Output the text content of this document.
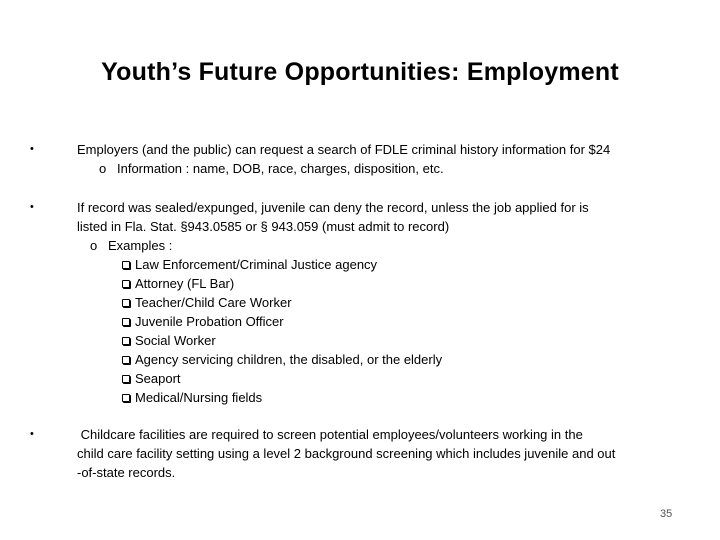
Youth’s Future Opportunities: Employment
•	Employers (and the public) can request a search of FDLE criminal history information for $24
o Information : name, DOB, race, charges, disposition, etc.
•	If record was sealed/expunged, juvenile can deny the record, unless the job applied for is
listed in Fla. Stat. §943.0585 or § 943.059 (must admit to record)
o Examples :
Law Enforcement/Criminal Justice agency
Attorney (FL Bar)
Teacher/Child Care Worker
Juvenile Probation Officer
Social Worker
Agency servicing children, the disabled, or the elderly
Seaport
Medical/Nursing fields
•	Childcare facilities are required to screen potential employees/volunteers working in the
child care facility setting using a level 2 background screening which includes juvenile and out
-of-state records.
35
